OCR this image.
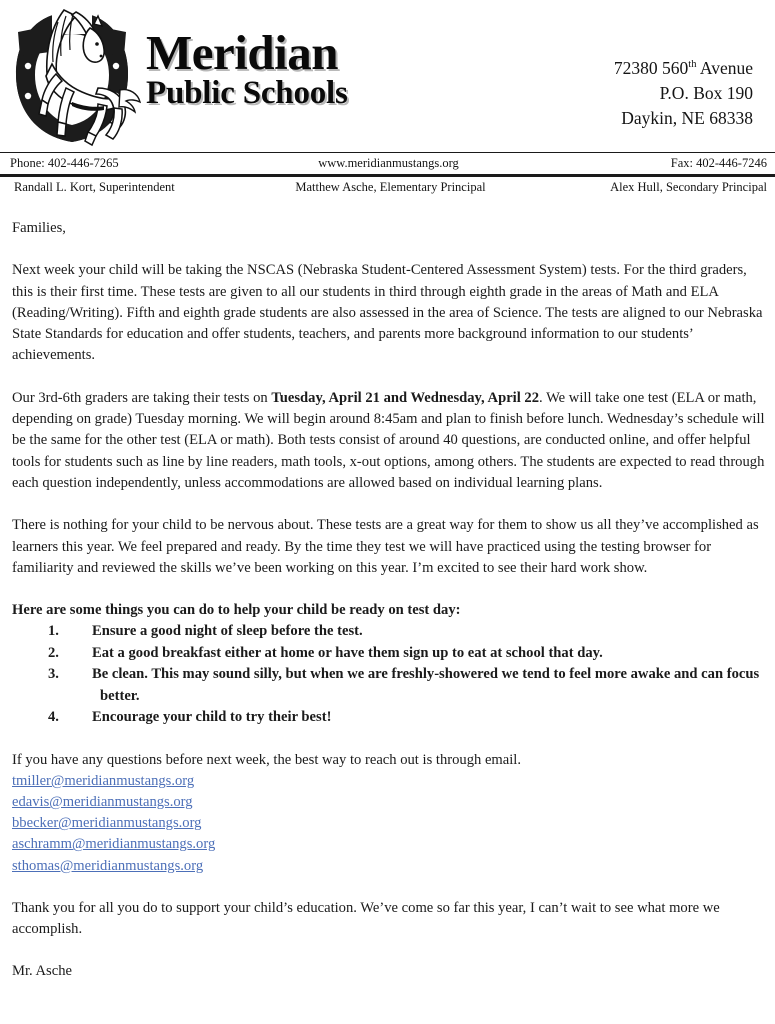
Meridian
Public Schools
72380 560th Avenue
P.O. Box 190
Daykin, NE 68338
Phone: 402-446-7265	www.meridianmustangs.org	Fax: 402-446-7246
Randall L. Kort, Superintendent	Matthew Asche, Elementary Principal	Alex Hull, Secondary Principal

Families,

Next week your child will be taking the NSCAS (Nebraska Student-Centered Assessment System) tests. For the third graders, this is their first time. These tests are given to all our students in third through eighth grade in the areas of Math and ELA (Reading/Writing). Fifth and eighth grade students are also assessed in the area of Science. The tests are aligned to our Nebraska State Standards for education and offer students, teachers, and parents more background information to our students’ achievements.

Our 3rd-6th graders are taking their tests on Tuesday, April 21 and Wednesday, April 22. We will take one test (ELA or math, depending on grade) Tuesday morning. We will begin around 8:45am and plan to finish before lunch. Wednesday’s schedule will be the same for the other test (ELA or math). Both tests consist of around 40 questions, are conducted online, and offer helpful tools for students such as line by line readers, math tools, x-out options, among others. The students are expected to read through each question independently, unless accommodations are allowed based on individual learning plans.

There is nothing for your child to be nervous about. These tests are a great way for them to show us all they’ve accomplished as learners this year. We feel prepared and ready. By the time they test we will have practiced using the testing browser for familiarity and reviewed the skills we’ve been working on this year. I’m excited to see their hard work show.

Here are some things you can do to help your child be ready on test day:

1. Ensure a good night of sleep before the test.
2. Eat a good breakfast either at home or have them sign up to eat at school that day.
3. Be clean. This may sound silly, but when we are freshly-showered we tend to feel more awake and can focus better.
4. Encourage your child to try their best!

If you have any questions before next week, the best way to reach out is through email.

tmiller@meridianmustangs.org
edavis@meridianmustangs.org
bbecker@meridianmustangs.org
aschramm@meridianmustangs.org
sthomas@meridianmustangs.org

Thank you for all you do to support your child’s education. We’ve come so far this year, I can’t wait to see what more we accomplish.

Mr. Asche
